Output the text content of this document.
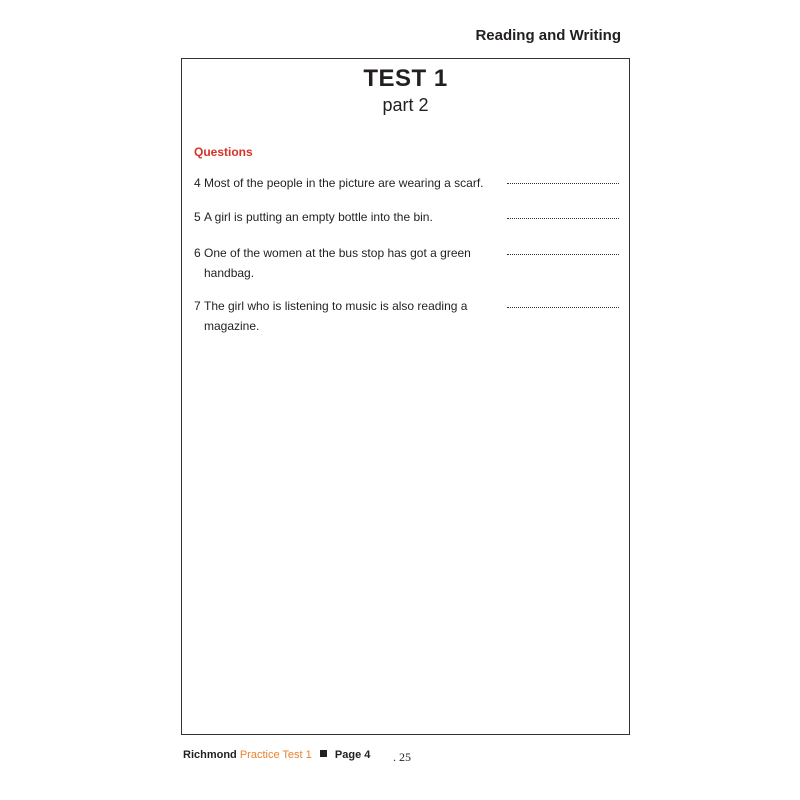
Reading and Writing
TEST 1
part 2
Questions
4 Most of the people in the picture are wearing a scarf.
5 A girl is putting an empty bottle into the bin.
6 One of the women at the bus stop has got a green handbag.
7 The girl who is listening to music is also reading a magazine.
Richmond Practice Test 1 Page 4 . 25
